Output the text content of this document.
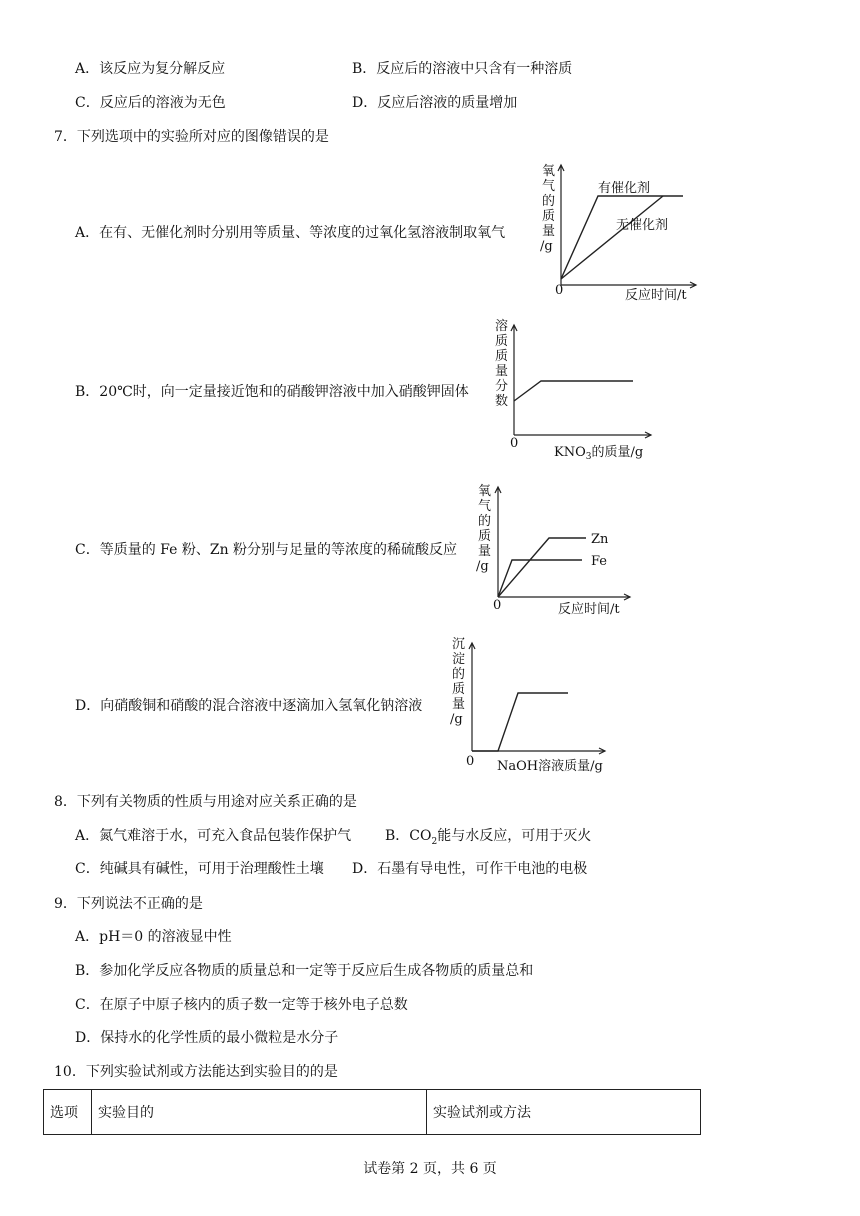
A．该反应为复分解反应	B．反应后的溶液中只含有一种溶质
C．反应后的溶液为无色	D．反应后溶液的质量增加
7．下列选项中的实验所对应的图像错误的是
A．在有、无催化剂时分别用等质量、等浓度的过氧化氢溶液制取氧气
氧
气
的
质
量
/g
有催化剂
无催化剂
0	反应时间/t
B．20℃时，向一定量接近饱和的硝酸钾溶液中加入硝酸钾固体
溶
质
质
量
分
数
0
$KNO_3$的质量/g
C．等质量的 Fe 粉、Zn 粉分别与足量的等浓度的稀硫酸反应
氧
气
的
质
量
/g
Zn
Fe
0	反应时间/t
D．向硝酸铜和硝酸的混合溶液中逐滴加入氢氧化钠溶液
沉
淀
的
质
量
/g
0 NaOH溶液质量/g
8．下列有关物质的性质与用途对应关系正确的是
A．氮气难溶于水，可充入食品包装作保护气 B．$CO_2$能与水反应，可用于灭火
C．纯碱具有碱性，可用于治理酸性土壤 D．石墨有导电性，可作干电池的电极
9．下列说法不正确的是
A．pH＝0 的溶液显中性
B．参加化学反应各物质的质量总和一定等于反应后生成各物质的质量总和
C．在原子中原子核内的质子数一定等于核外电子总数
D．保持水的化学性质的最小微粒是水分子
10．下列实验试剂或方法能达到实验目的的是
选项	实验目的	实验试剂或方法
试卷第 2 页，共 6 页
